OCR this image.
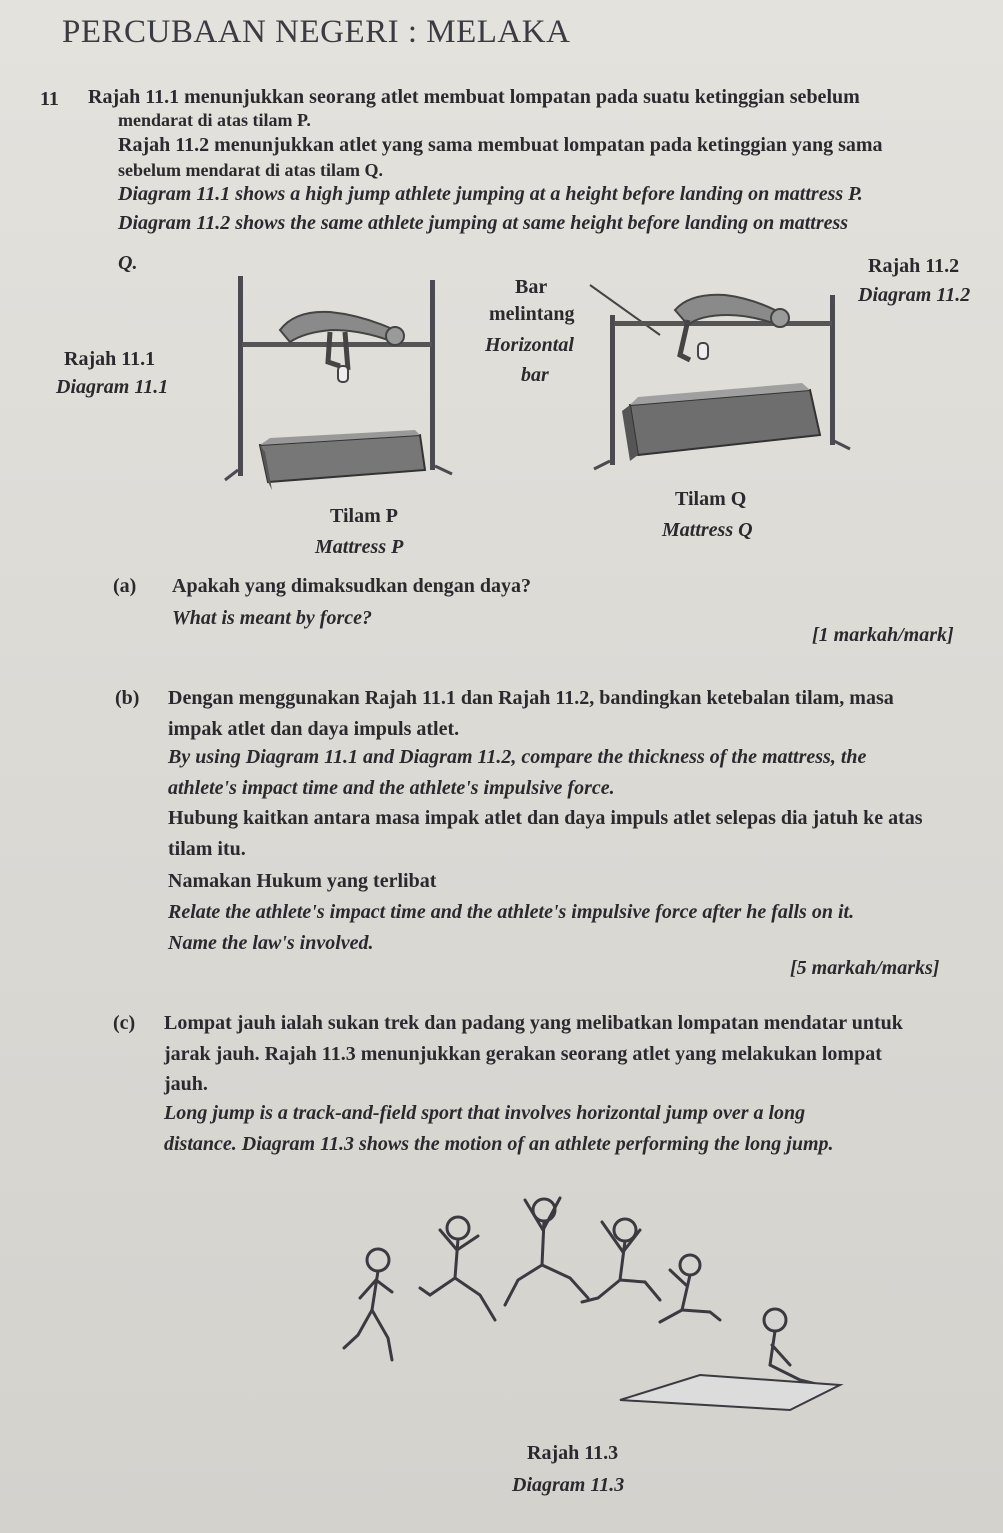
PERCUBAAN NEGERI : MELAKA
11 Rajah 11.1 menunjukkan seorang atlet membuat lompatan pada suatu ketinggian sebelum
mendarat di atas tilam P.
Rajah 11.2 menunjukkan atlet yang sama membuat lompatan pada ketinggian yang sama
sebelum mendarat di atas tilam Q.
Diagram 11.1 shows a high jump athlete jumping at a height before landing on mattress P.
Diagram 11.2 shows the same athlete jumping at same height before landing on mattress
Q.	Rajah 11.2
Diagram 11.2
Rajah 11.1
Diagram 11.1
Bar
melintang
Horizontal
bar
Tilam P
Mattress P
Tilam Q
Mattress Q
(a) Apakah yang dimaksudkan dengan daya?
What is meant by force?
[1 markah/mark]
(b) Dengan menggunakan Rajah 11.1 dan Rajah 11.2, bandingkan ketebalan tilam, masa
impak atlet dan daya impuls atlet.
By using Diagram 11.1 and Diagram 11.2, compare the thickness of the mattress, the
athlete's impact time and the athlete's impulsive force.
Hubung kaitkan antara masa impak atlet dan daya impuls atlet selepas dia jatuh ke atas
tilam itu.
Namakan Hukum yang terlibat
Relate the athlete's impact time and the athlete's impulsive force after he falls on it.
Name the law's involved.
[5 markah/marks]
(c) Lompat jauh ialah sukan trek dan padang yang melibatkan lompatan mendatar untuk
jarak jauh. Rajah 11.3 menunjukkan gerakan seorang atlet yang melakukan lompat
jauh.
Long jump is a track-and-field sport that involves horizontal jump over a long
distance. Diagram 11.3 shows the motion of an athlete performing the long jump.
Rajah 11.3
Diagram 11.3
